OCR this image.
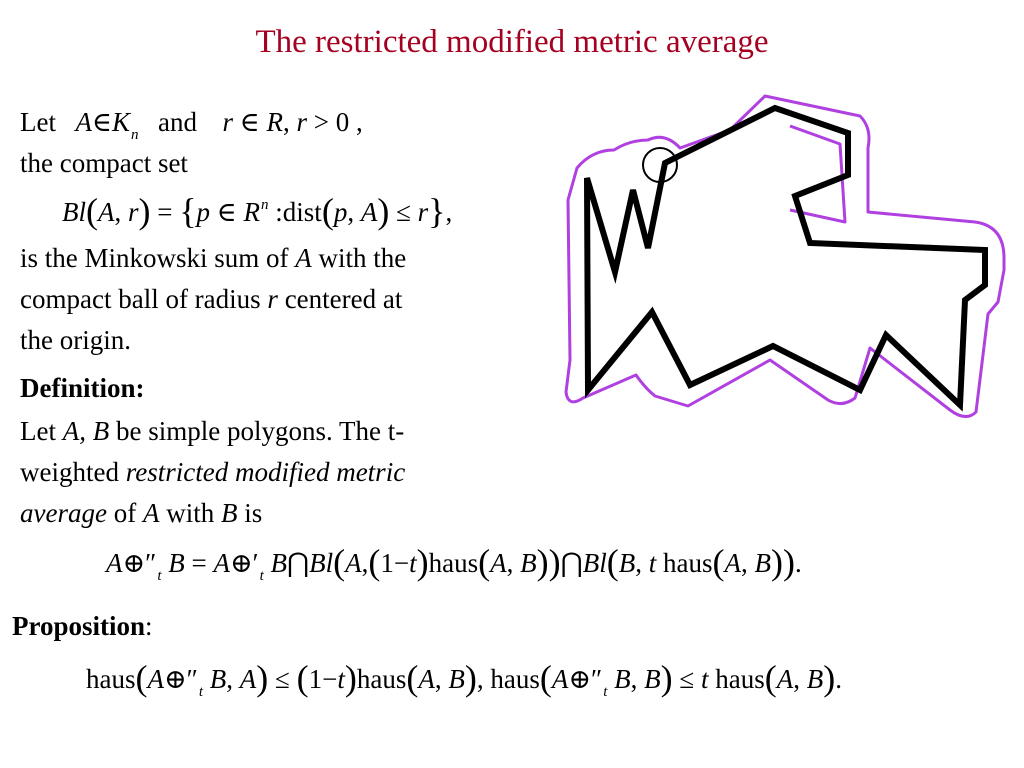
The restricted modified metric average
Let $A\in K_n$ and r ∈ R, r > 0 ,
the compact set
Bl(A, r) = {p ∈ $R^n$ :dist(p, A) ≤ r},
is the Minkowski sum of A with the
compact ball of radius r centered at
the origin.
Definition:
Let A, B be simple polygons. The t-
weighted restricted modified metric
average of A with B is
$A\oplus''_t$ $B = A\oplus'_t$ B⋂Bl(A,(1−t)haus(A, B))⋂Bl(B, t haus(A, B)).
Proposition:
$haus(A\oplus''_t$ B, A) ≤ (1−t)haus(A, B), $haus(A\oplus''_t$ B, B) ≤ t haus(A, B).
